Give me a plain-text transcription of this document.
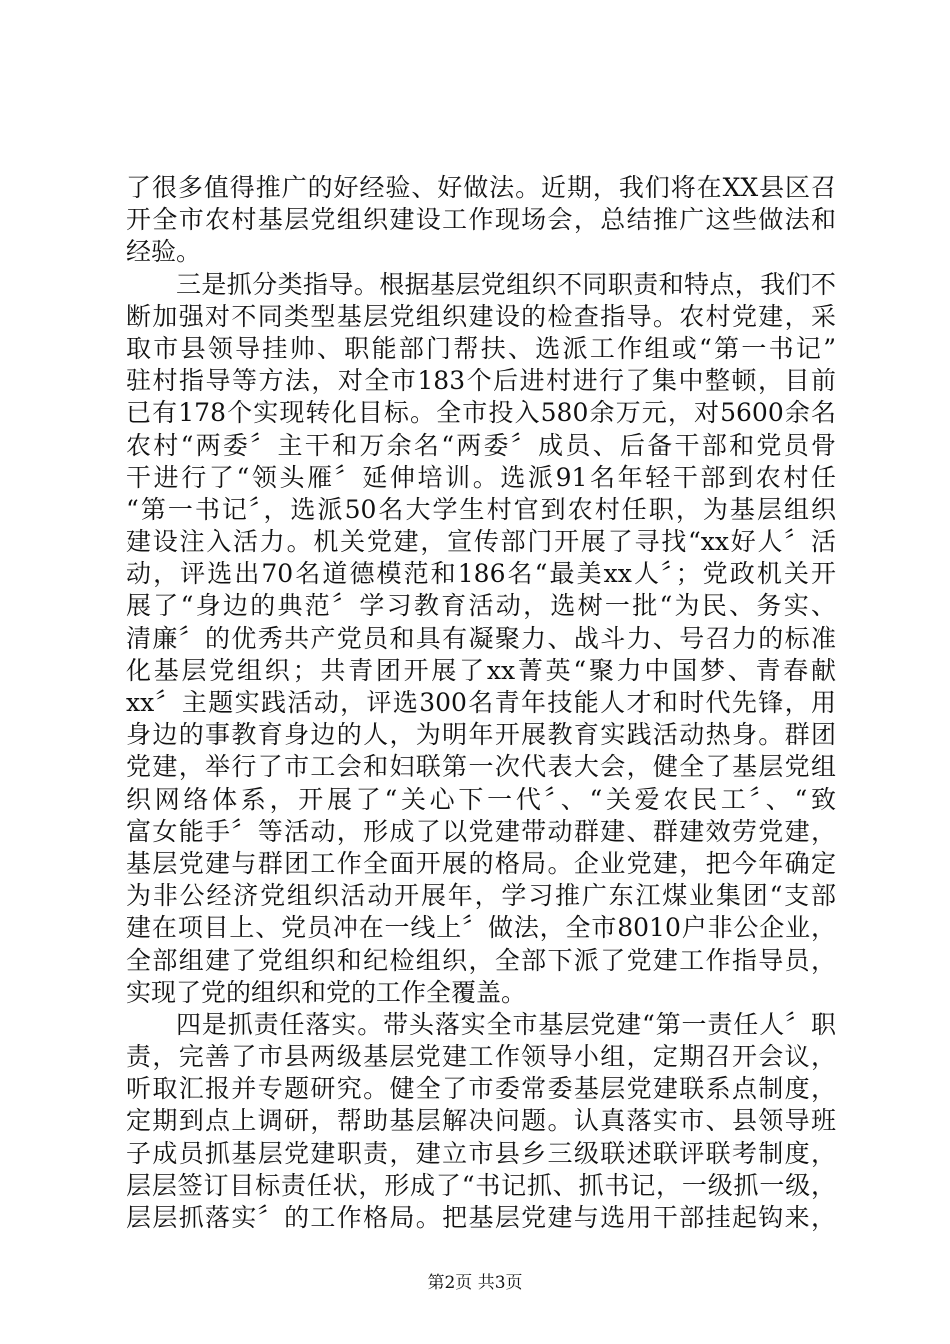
了很多值得推广的好经验、好做法。近期，我们将在XX县区召
开全市农村基层党组织建设工作现场会，总结推广这些做法和
经验。
三是抓分类指导。根据基层党组织不同职责和特点，我们不
断加强对不同类型基层党组织建设的检查指导。农村党建，采
取市县领导挂帅、职能部门帮扶、选派工作组或“第一书记”
驻村指导等方法，对全市183个后进村进行了集中整顿，目前
已有178个实现转化目标。全市投入580余万元，对5600余名
农村“两委〞主干和万余名“两委〞成员、后备干部和党员骨
干进行了“领头雁〞延伸培训。选派91名年轻干部到农村任
“第一书记〞，选派50名大学生村官到农村任职，为基层组织
建设注入活力。机关党建，宣传部门开展了寻找“xx好人〞活
动，评选出70名道德模范和186名“最美xx人〞；党政机关开
展了“身边的典范〞学习教育活动，选树一批“为民、务实、
清廉〞的优秀共产党员和具有凝聚力、战斗力、号召力的标准
化基层党组织；共青团开展了xx菁英“聚力中国梦、青春献
xx〞主题实践活动，评选300名青年技能人才和时代先锋，用
身边的事教育身边的人，为明年开展教育实践活动热身。群团
党建，举行了市工会和妇联第一次代表大会，健全了基层党组
织网络体系，开展了“关心下一代〞、“关爱农民工〞、“致
富女能手〞等活动，形成了以党建带动群建、群建效劳党建，
基层党建与群团工作全面开展的格局。企业党建，把今年确定
为非公经济党组织活动开展年，学习推广东江煤业集团“支部
建在项目上、党员冲在一线上〞做法，全市8010户非公企业，
全部组建了党组织和纪检组织，全部下派了党建工作指导员，
实现了党的组织和党的工作全覆盖。
四是抓责任落实。带头落实全市基层党建“第一责任人〞职
责，完善了市县两级基层党建工作领导小组，定期召开会议，
听取汇报并专题研究。健全了市委常委基层党建联系点制度，
定期到点上调研，帮助基层解决问题。认真落实市、县领导班
子成员抓基层党建职责，建立市县乡三级联述联评联考制度，
层层签订目标责任状，形成了“书记抓、抓书记，一级抓一级，
层层抓落实〞的工作格局。把基层党建与选用干部挂起钩来，
第2页 共3页
